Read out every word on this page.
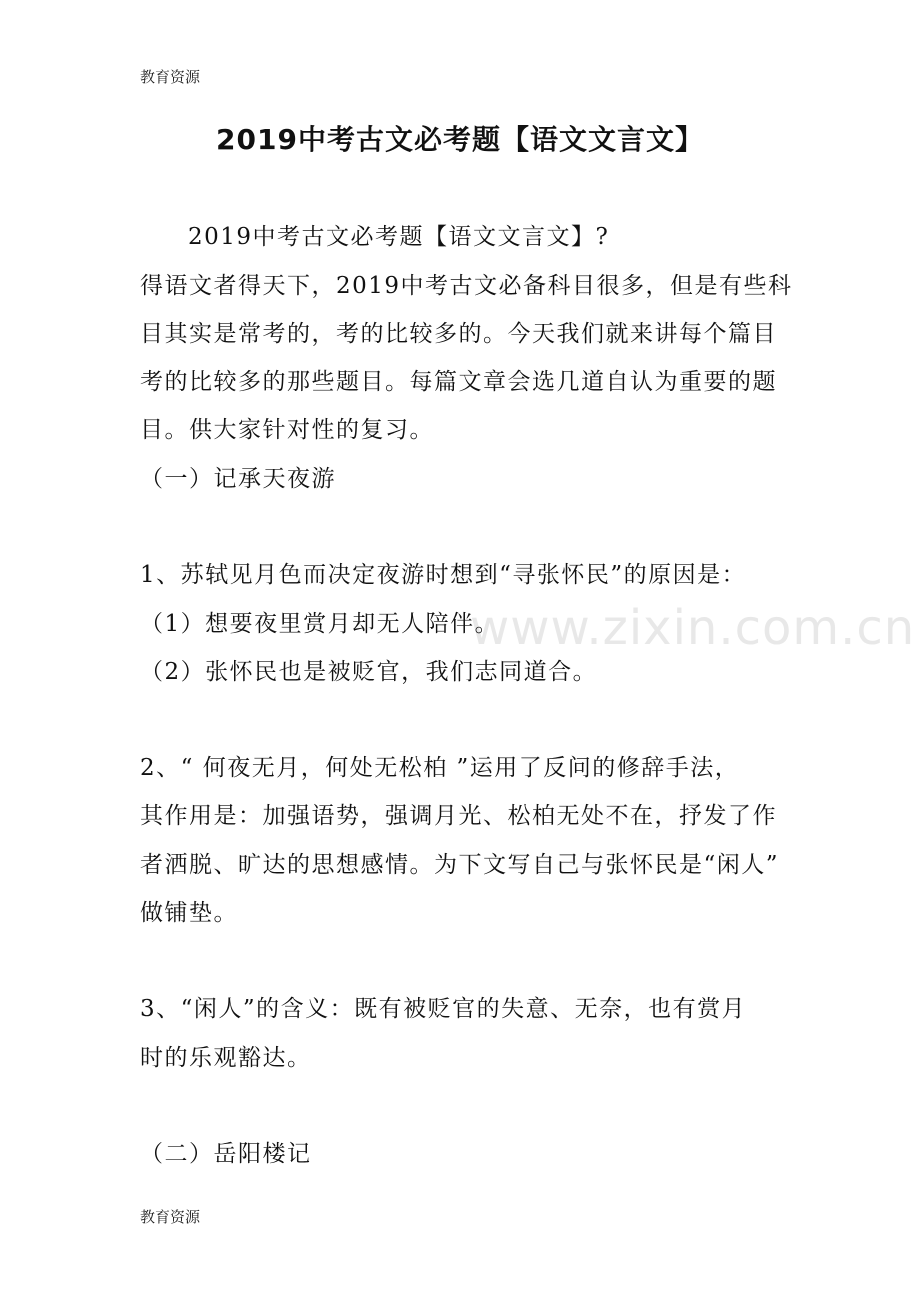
教育资源
www.zixin.com.cn
2019中考古文必考题【语文文言文】
2019中考古文必考题【语文文言文】?
得语文者得天下，2019中考古文必备科目很多，但是有些科
目其实是常考的，考的比较多的。今天我们就来讲每个篇目
考的比较多的那些题目。每篇文章会选几道自认为重要的题
目。供大家针对性的复习。
（一）记承天夜游
1、苏轼见月色而决定夜游时想到“寻张怀民”的原因是：
（1）想要夜里赏月却无人陪伴。
（2）张怀民也是被贬官，我们志同道合。
2、“ 何夜无月，何处无松柏 ”运用了反问的修辞手法，
其作用是：加强语势，强调月光、松柏无处不在，抒发了作
者洒脱、旷达的思想感情。为下文写自己与张怀民是“闲人”
做铺垫。
3、“闲人”的含义：既有被贬官的失意、无奈，也有赏月
时的乐观豁达。
（二）岳阳楼记
教育资源
